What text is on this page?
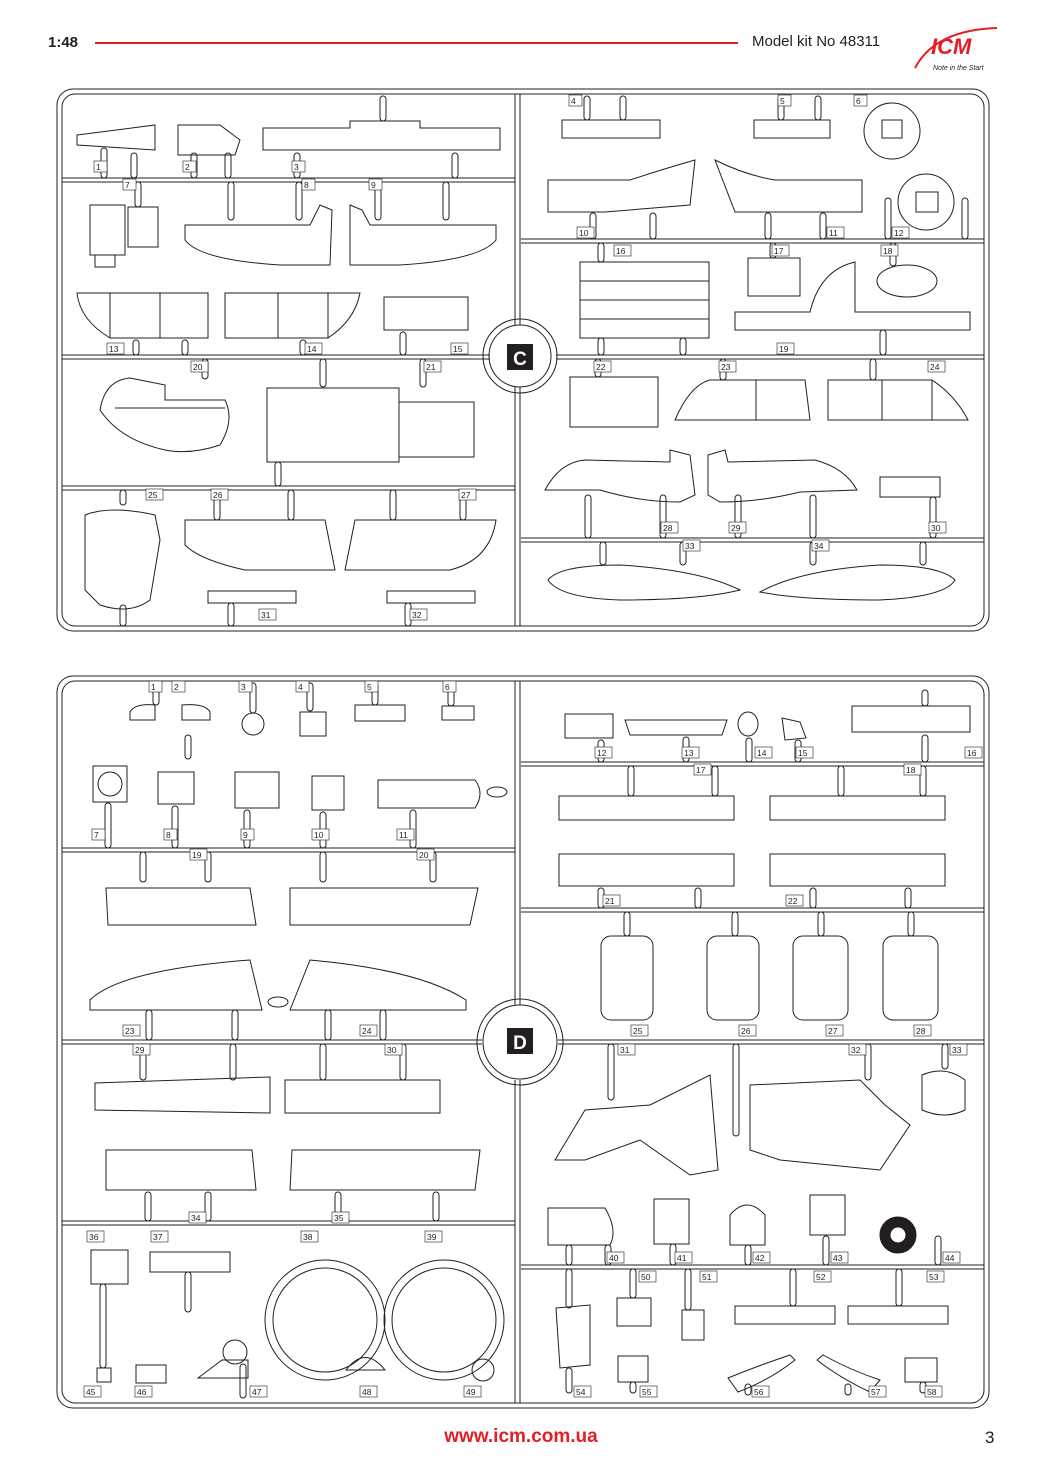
1:48	Model kit No 48311 ICM
Note in the Start
C
D
1	2	3
4	5	6
7	8	9
10	11	12
13	14	15
16	17	18
19
20	21	22	23	24
25	26	27
28	29	30
31	32
33	34
1 2	3	4	5	6
7	8	9	10	11
12	13	14	15	16
17	18
19	20
21	22
23	24	25	26	27	28
29	30	31	32	33
34	35
36	37	38	39
40	41	42	43	44
45	46	47	48	49
50	51	52	53
54	55	56	57	58
www.icm.com.ua	3
